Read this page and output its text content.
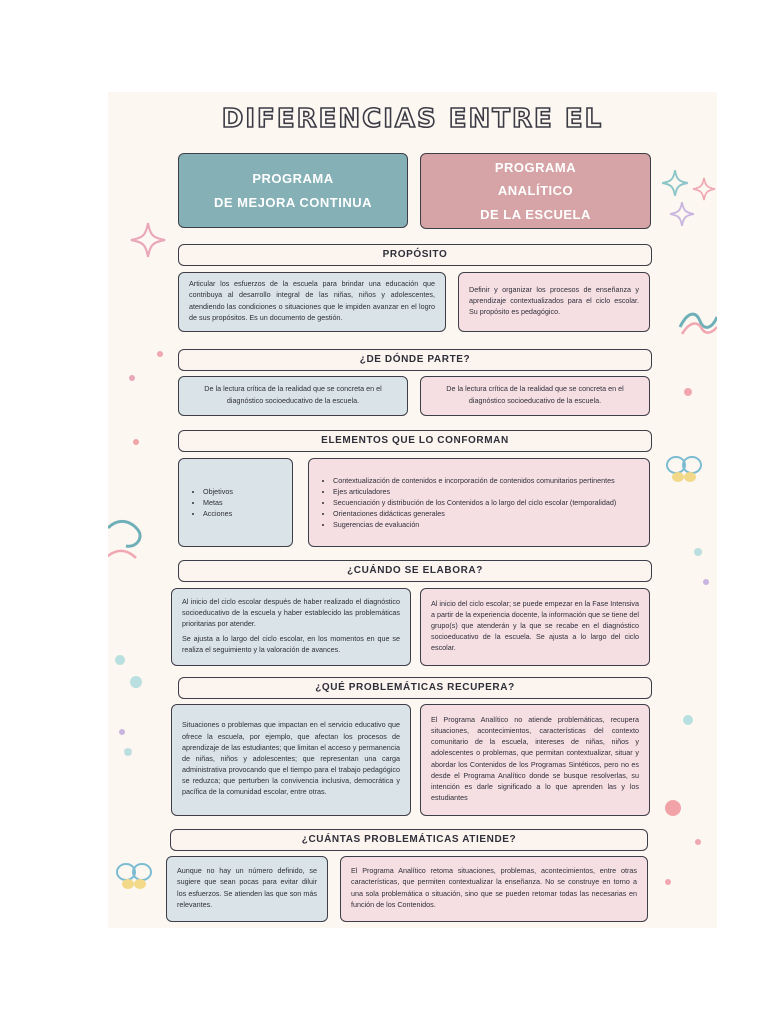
DIFERENCIAS ENTRE EL
PROGRAMA
DE MEJORA CONTINUA
PROGRAMA
ANALÍTICO
DE LA ESCUELA
PROPÓSITO

Articular los esfuerzos de la escuela para brindar una educación que contribuya al desarrollo integral de las niñas, niños y adolescentes, atendiendo las condiciones o situaciones que le impiden avanzar en el logro de sus propósitos. Es un documento de gestión.

Definir y organizar los procesos de enseñanza y aprendizaje contextualizados para el ciclo escolar. Su propósito es pedagógico.

¿DE DÓNDE PARTE?

De la lectura crítica de la realidad que se concreta en el diagnóstico socioeducativo de la escuela.

De la lectura crítica de la realidad que se concreta en el diagnóstico socioeducativo de la escuela.

ELEMENTOS QUE LO CONFORMAN
• Objetivos
• Metas
• Acciones
• Contextualización de contenidos e incorporación de contenidos comunitarios pertinentes
• Ejes articuladores
• Secuenciación y distribución de los Contenidos a lo largo del ciclo escolar (temporalidad)
• Orientaciones didácticas generales
• Sugerencias de evaluación
¿CUÁNDO SE ELABORA?

Al inicio del ciclo escolar después de haber realizado el diagnóstico socioeducativo de la escuela y haber establecido las problemáticas prioritarias por atender.

Se ajusta a lo largo del ciclo escolar, en los momentos en que se realiza el seguimiento y la valoración de avances.

Al inicio del ciclo escolar; se puede empezar en la Fase Intensiva a partir de la experiencia docente, la información que se tiene del grupo(s) que atenderán y la que se recabe en el diagnóstico socioeducativo de la escuela. Se ajusta a lo largo del ciclo escolar.

¿QUÉ PROBLEMÁTICAS RECUPERA?

Situaciones o problemas que impactan en el servicio educativo que ofrece la escuela, por ejemplo, que afectan los procesos de aprendizaje de las estudiantes; que limitan el acceso y permanencia de niñas, niños y adolescentes; que representan una carga administrativa provocando que el tiempo para el trabajo pedagógico se reduzca; que perturben la convivencia inclusiva, democrática y pacífica de la comunidad escolar, entre otras.

El Programa Analítico no atiende problemáticas, recupera situaciones, acontecimientos, características del contexto comunitario de la escuela, intereses de niñas, niños y adolescentes o problemas, que permitan contextualizar, situar y abordar los Contenidos de los Programas Sintéticos, pero no es desde el Programa Analítico donde se busque resolverlas, su intención es darle significado a lo que aprenden las y los estudiantes

¿CUÁNTAS PROBLEMÁTICAS ATIENDE?

Aunque no hay un número definido, se sugiere que sean pocas para evitar diluir los esfuerzos. Se atienden las que son más relevantes.

El Programa Analítico retoma situaciones, problemas, acontecimientos, entre otras características, que permiten contextualizar la enseñanza. No se construye en torno a una sola problemática o situación, sino que se pueden retomar todas las necesarias en función de los Contenidos.
